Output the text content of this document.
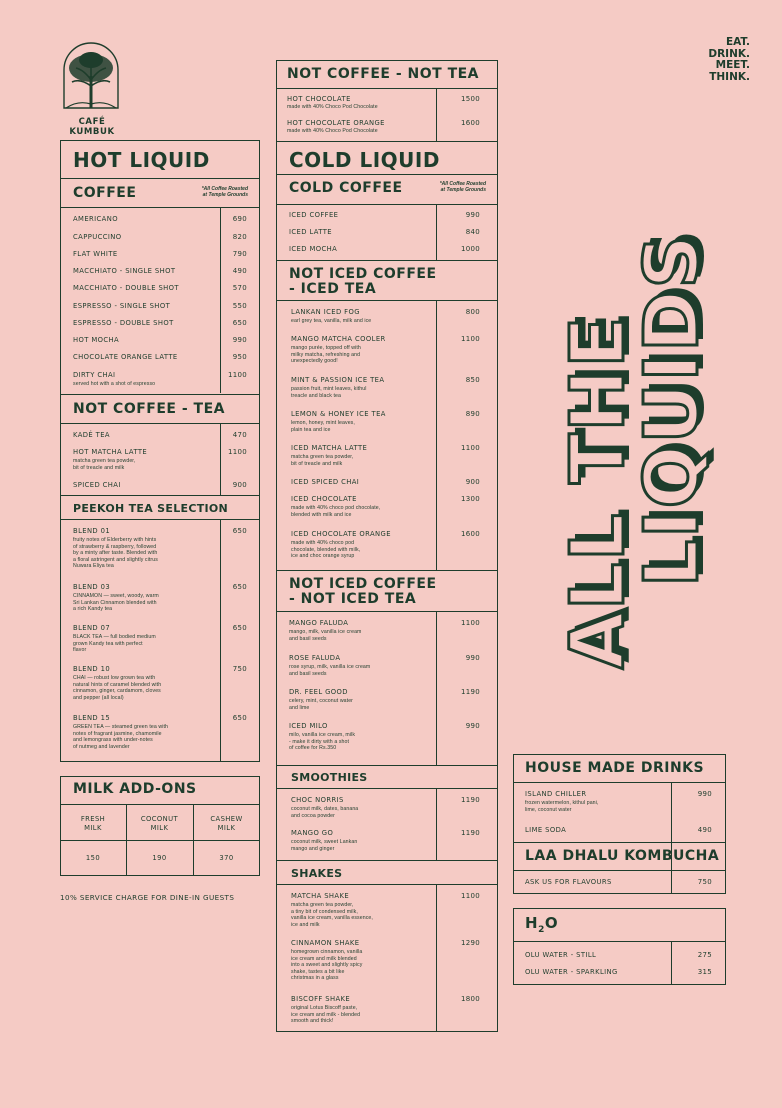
CAFÉ KUMBUK
EAT.
DRINK.
MEET.
THINK.
HOT LIQUID
COFFEE	*All Coffee Roasted
at Temple Grounds
AMERICANO	690
CAPPUCCINO	820
FLAT WHITE	790
MACCHIATO - SINGLE SHOT	490
MACCHIATO - DOUBLE SHOT	570
ESPRESSO - SINGLE SHOT	550
ESPRESSO - DOUBLE SHOT	650
HOT MOCHA	990
CHOCOLATE ORANGE LATTE	950
DIRTY CHAI	1100
served hot with a shot of espresso
NOT COFFEE - TEA
KADÉ TEA	470
HOT MATCHA LATTE	1100
matcha green tea powder,
bit of treacle and milk
SPICED CHAI	900
PEEKOH TEA SELECTION
BLEND 01	650
fruity notes of Elderberry with hints
of strawberry & raspberry, followed
by a minty after taste. Blended with
a floral astringent and slightly citrus
Nuwara Eliya tea
BLEND 03	650
CINNAMON — sweet, woody, warm
Sri Lankan Cinnamon blended with
a rich Kandy tea
BLEND 07	650
BLACK TEA — full bodied medium
grown Kandy tea with perfect
flavor
BLEND 10	750
CHAI — robust low grown tea with
natural hints of caramel blended with
cinnamon, ginger, cardamom, cloves
and pepper (all local)
BLEND 15	650
GREEN TEA — steamed green tea with
notes of fragrant jasmine, chamomile
and lemongrass with under-notes
of nutmeg and lavender
MILK ADD-ONS
FRESH
MILK
COCONUT
MILK
CASHEW
MILK
150	190	370
10% SERVICE CHARGE FOR DINE-IN GUESTS
NOT COFFEE - NOT TEA
HOT CHOCOLATE	1500
made with 40% Choco Pod Chocolate
HOT CHOCOLATE ORANGE	1600
made with 40% Choco Pod Chocolate
COLD LIQUID
COLD COFFEE	*All Coffee Roasted
at Temple Grounds
ICED COFFEE	990
ICED LATTE	840
ICED MOCHA	1000
NOT ICED COFFEE
- ICED TEA
LANKAN ICED FOG	800
earl grey tea, vanilla, milk and ice
MANGO MATCHA COOLER	1100
mango purée, topped off with
milky matcha, refreshing and
unexpectedly good!
MINT & PASSION ICE TEA	850
passion fruit, mint leaves, kithul
treacle and black tea
LEMON & HONEY ICE TEA	890
lemon, honey, mint leaves,
plain tea and ice
ICED MATCHA LATTE	1100
matcha green tea powder,
bit of treacle and milk
ICED SPICED CHAI	900
ICED CHOCOLATE	1300
made with 40% choco pod chocolate,
blended with milk and ice
ICED CHOCOLATE ORANGE	1600
made with 40% choco pod
chocolate, blended with milk,
ice and choc orange syrup
NOT ICED COFFEE
- NOT ICED TEA
MANGO FALUDA	1100
mango, milk, vanilla ice cream
and basil seeds
ROSE FALUDA	990
rose syrup, milk, vanilla ice cream
and basil seeds
DR. FEEL GOOD	1190
celery, mint, coconut water
and lime
ICED MILO	990
milo, vanilla ice cream, milk
- make it dirty with a shot
of coffee for Rs.350
SMOOTHIES
CHOC NORRIS	1190
coconut milk, dates, banana
and cocoa powder
MANGO GO	1190
coconut milk, sweet Lankan
mango and ginger
SHAKES
MATCHA SHAKE	1100
matcha green tea powder,
a tiny bit of condensed milk,
vanilla ice cream, vanilla essence,
ice and milk
CINNAMON SHAKE	1290
homegrown cinnamon, vanilla
ice cream and milk blended
into a sweet and slightly spicy
shake, tastes a bit like
christmas in a glass
BISCOFF SHAKE	1800
original Lotus Biscoff paste,
ice cream and milk - blended
smooth and thick!
ALL THE
LIQUIDS
HOUSE MADE DRINKS
ISLAND CHILLER	990
frozen watermelon, kithul pani,
lime, coconut water
LIME SODA	490
LAA DHALU KOMBUCHA
ASK US FOR FLAVOURS	750
$H_2O$
OLU WATER - STILL	275
OLU WATER - SPARKLING	315
